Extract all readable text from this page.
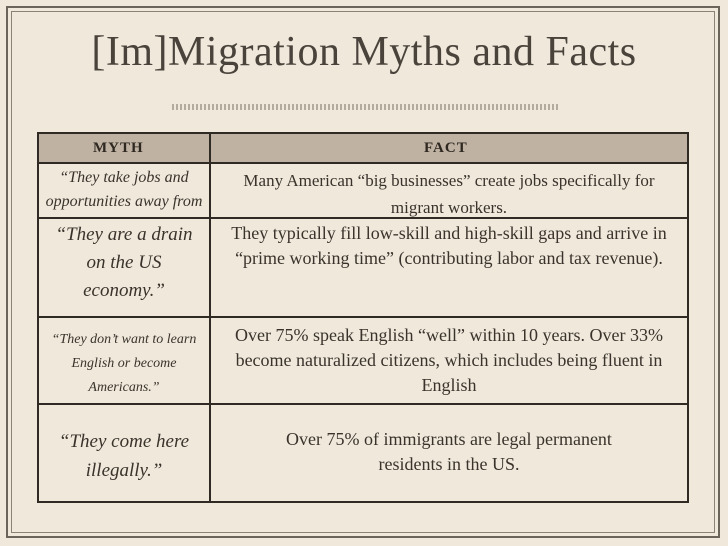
[Im]Migration Myths and Facts
MYTH	FACT
“They take jobs and opportunities away from
Many American “big businesses” create jobs specifically for migrant workers.
“They are a drain on the US economy.”
They typically fill low-skill and high-skill gaps and arrive in “prime working time” (contributing labor and tax revenue).
“They don’t want to learn English or become Americans.”
Over 75% speak English “well” within 10 years. Over 33% become naturalized citizens, which includes being fluent in English
“They come here illegally.”
Over 75% of immigrants are legal permanent residents in the US.
